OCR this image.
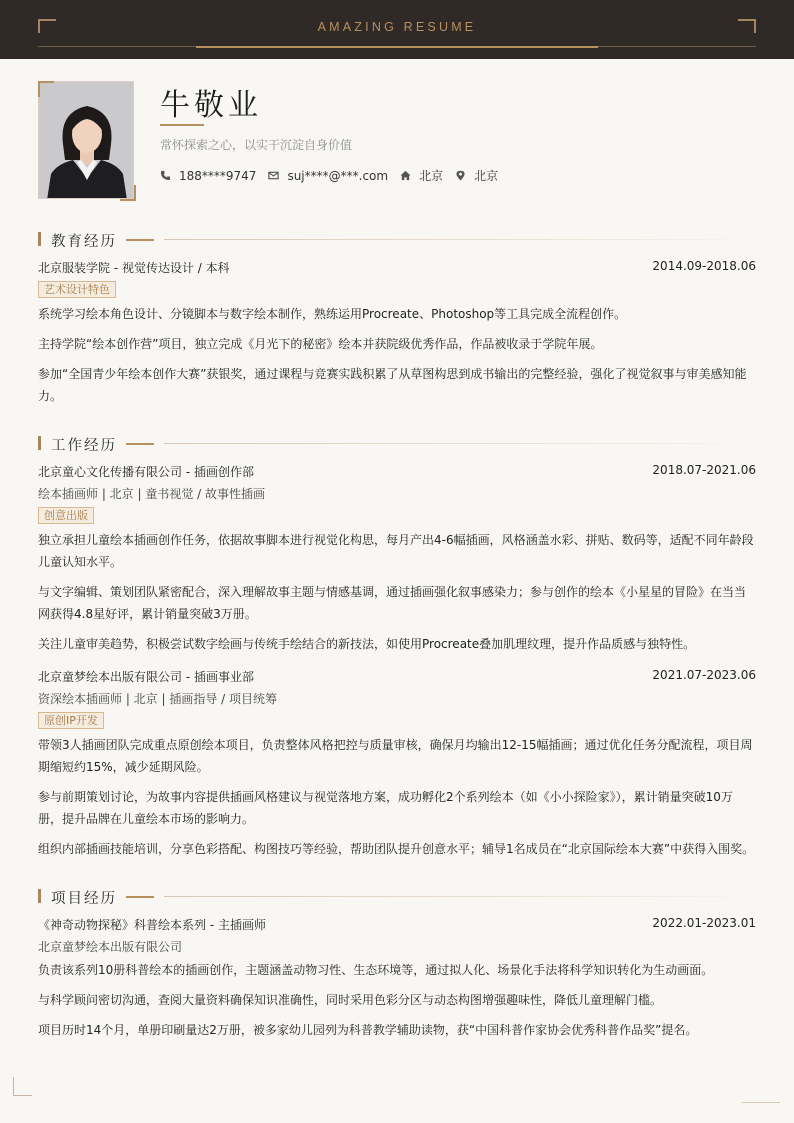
AMAZING RESUME
牛敬业
常怀探索之心，以实干沉淀自身价值
188****9747	suj****@***.com	北京	北京
教育经历
北京服装学院 - 视觉传达设计 / 本科	2014.09-2018.06
艺术设计特色
系统学习绘本角色设计、分镜脚本与数字绘本制作，熟练运用Procreate、Photoshop等工具完成全流程创作。
主持学院“绘本创作营”项目，独立完成《月光下的秘密》绘本并获院级优秀作品，作品被收录于学院年展。
参加“全国青少年绘本创作大赛”获银奖，通过课程与竞赛实践积累了从草图构思到成书输出的完整经验，强化了视觉叙事与审美感知能力。
工作经历
北京童心文化传播有限公司 - 插画创作部	2018.07-2021.06
绘本插画师 | 北京 | 童书视觉 / 故事性插画
创意出版
独立承担儿童绘本插画创作任务，依据故事脚本进行视觉化构思，每月产出4-6幅插画，风格涵盖水彩、拼贴、数码等，适配不同年龄段儿童认知水平。
与文字编辑、策划团队紧密配合，深入理解故事主题与情感基调，通过插画强化叙事感染力；参与创作的绘本《小星星的冒险》在当当网获得4.8星好评，累计销量突破3万册。
关注儿童审美趋势，积极尝试数字绘画与传统手绘结合的新技法，如使用Procreate叠加肌理纹理，提升作品质感与独特性。
北京童梦绘本出版有限公司 - 插画事业部	2021.07-2023.06
资深绘本插画师 | 北京 | 插画指导 / 项目统筹
原创IP开发
带领3人插画团队完成重点原创绘本项目，负责整体风格把控与质量审核，确保月均输出12-15幅插画；通过优化任务分配流程，项目周期缩短约15%，减少延期风险。
参与前期策划讨论，为故事内容提供插画风格建议与视觉落地方案，成功孵化2个系列绘本（如《小小探险家》），累计销量突破10万册，提升品牌在儿童绘本市场的影响力。
组织内部插画技能培训，分享色彩搭配、构图技巧等经验，帮助团队提升创意水平；辅导1名成员在“北京国际绘本大赛”中获得入围奖。
项目经历
《神奇动物探秘》科普绘本系列 - 主插画师	2022.01-2023.01
北京童梦绘本出版有限公司
负责该系列10册科普绘本的插画创作，主题涵盖动物习性、生态环境等，通过拟人化、场景化手法将科学知识转化为生动画面。
与科学顾问密切沟通，查阅大量资料确保知识准确性，同时采用色彩分区与动态构图增强趣味性，降低儿童理解门槛。
项目历时14个月，单册印刷量达2万册，被多家幼儿园列为科普教学辅助读物，获“中国科普作家协会优秀科普作品奖”提名。
